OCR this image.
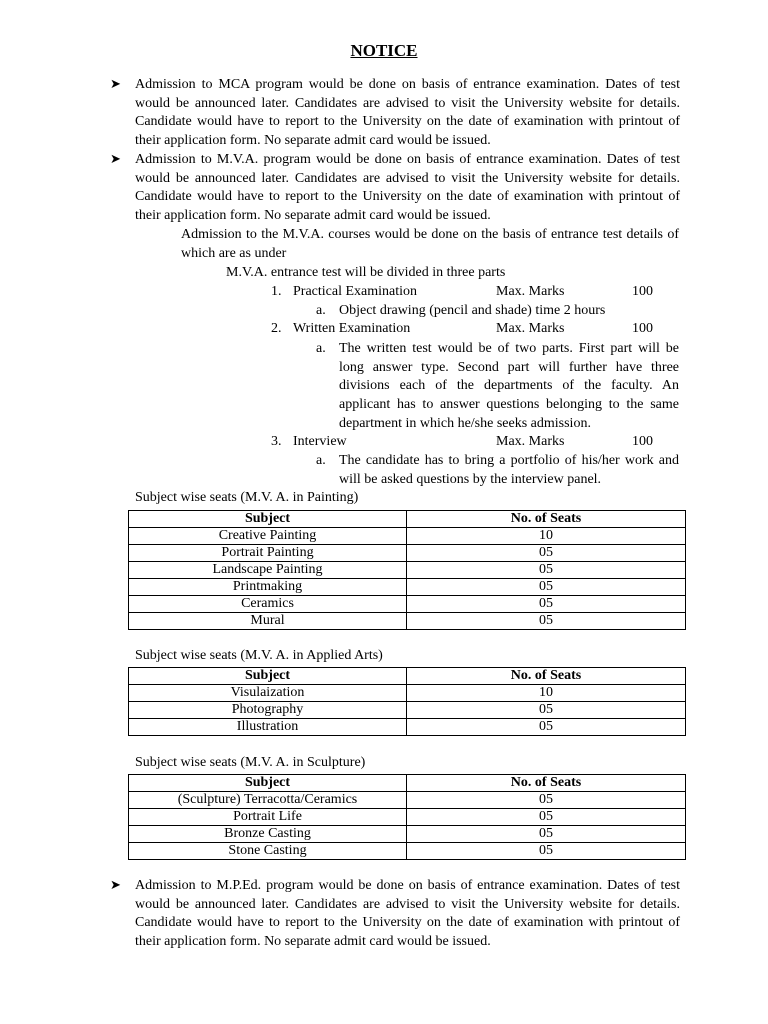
NOTICE
➤	Admission to MCA program would be done on basis of entrance examination. Dates of test would be announced later. Candidates are advised to visit the University website for details. Candidate would have to report to the University on the date of examination with printout of their application form. No separate admit card would be issued.
➤	Admission to M.V.A. program would be done on basis of entrance examination. Dates of test would be announced later. Candidates are advised to visit the University website for details. Candidate would have to report to the University on the date of examination with printout of their application form. No separate admit card would be issued.
Admission to the M.V.A. courses would be done on the basis of entrance test details of which are as under
M.V.A. entrance test will be divided in three parts
1. Practical Examination	Max. Marks	100
a. Object drawing (pencil and shade) time 2 hours
2. Written Examination	Max. Marks	100
a. The written test would be of two parts. First part will be long answer type. Second part will further have three divisions each of the departments of the faculty. An applicant has to answer questions belonging to the same department in which he/she seeks admission.
3. Interview	Max. Marks	100
a. The candidate has to bring a portfolio of his/her work and will be asked questions by the interview panel.
Subject wise seats (M.V. A. in Painting)
Subject	No. of Seats
Creative Painting	10
Portrait Painting	05
Landscape Painting	05
Printmaking	05
Ceramics	05
Mural	05
Subject wise seats (M.V. A. in Applied Arts)
Subject	No. of Seats
Visulaization	10
Photography	05
Illustration	05
Subject wise seats (M.V. A. in Sculpture)
Subject	No. of Seats
(Sculpture) Terracotta/Ceramics	05
Portrait Life	05
Bronze Casting	05
Stone Casting	05
➤	Admission to M.P.Ed. program would be done on basis of entrance examination. Dates of test would be announced later. Candidates are advised to visit the University website for details. Candidate would have to report to the University on the date of examination with printout of their application form. No separate admit card would be issued.
